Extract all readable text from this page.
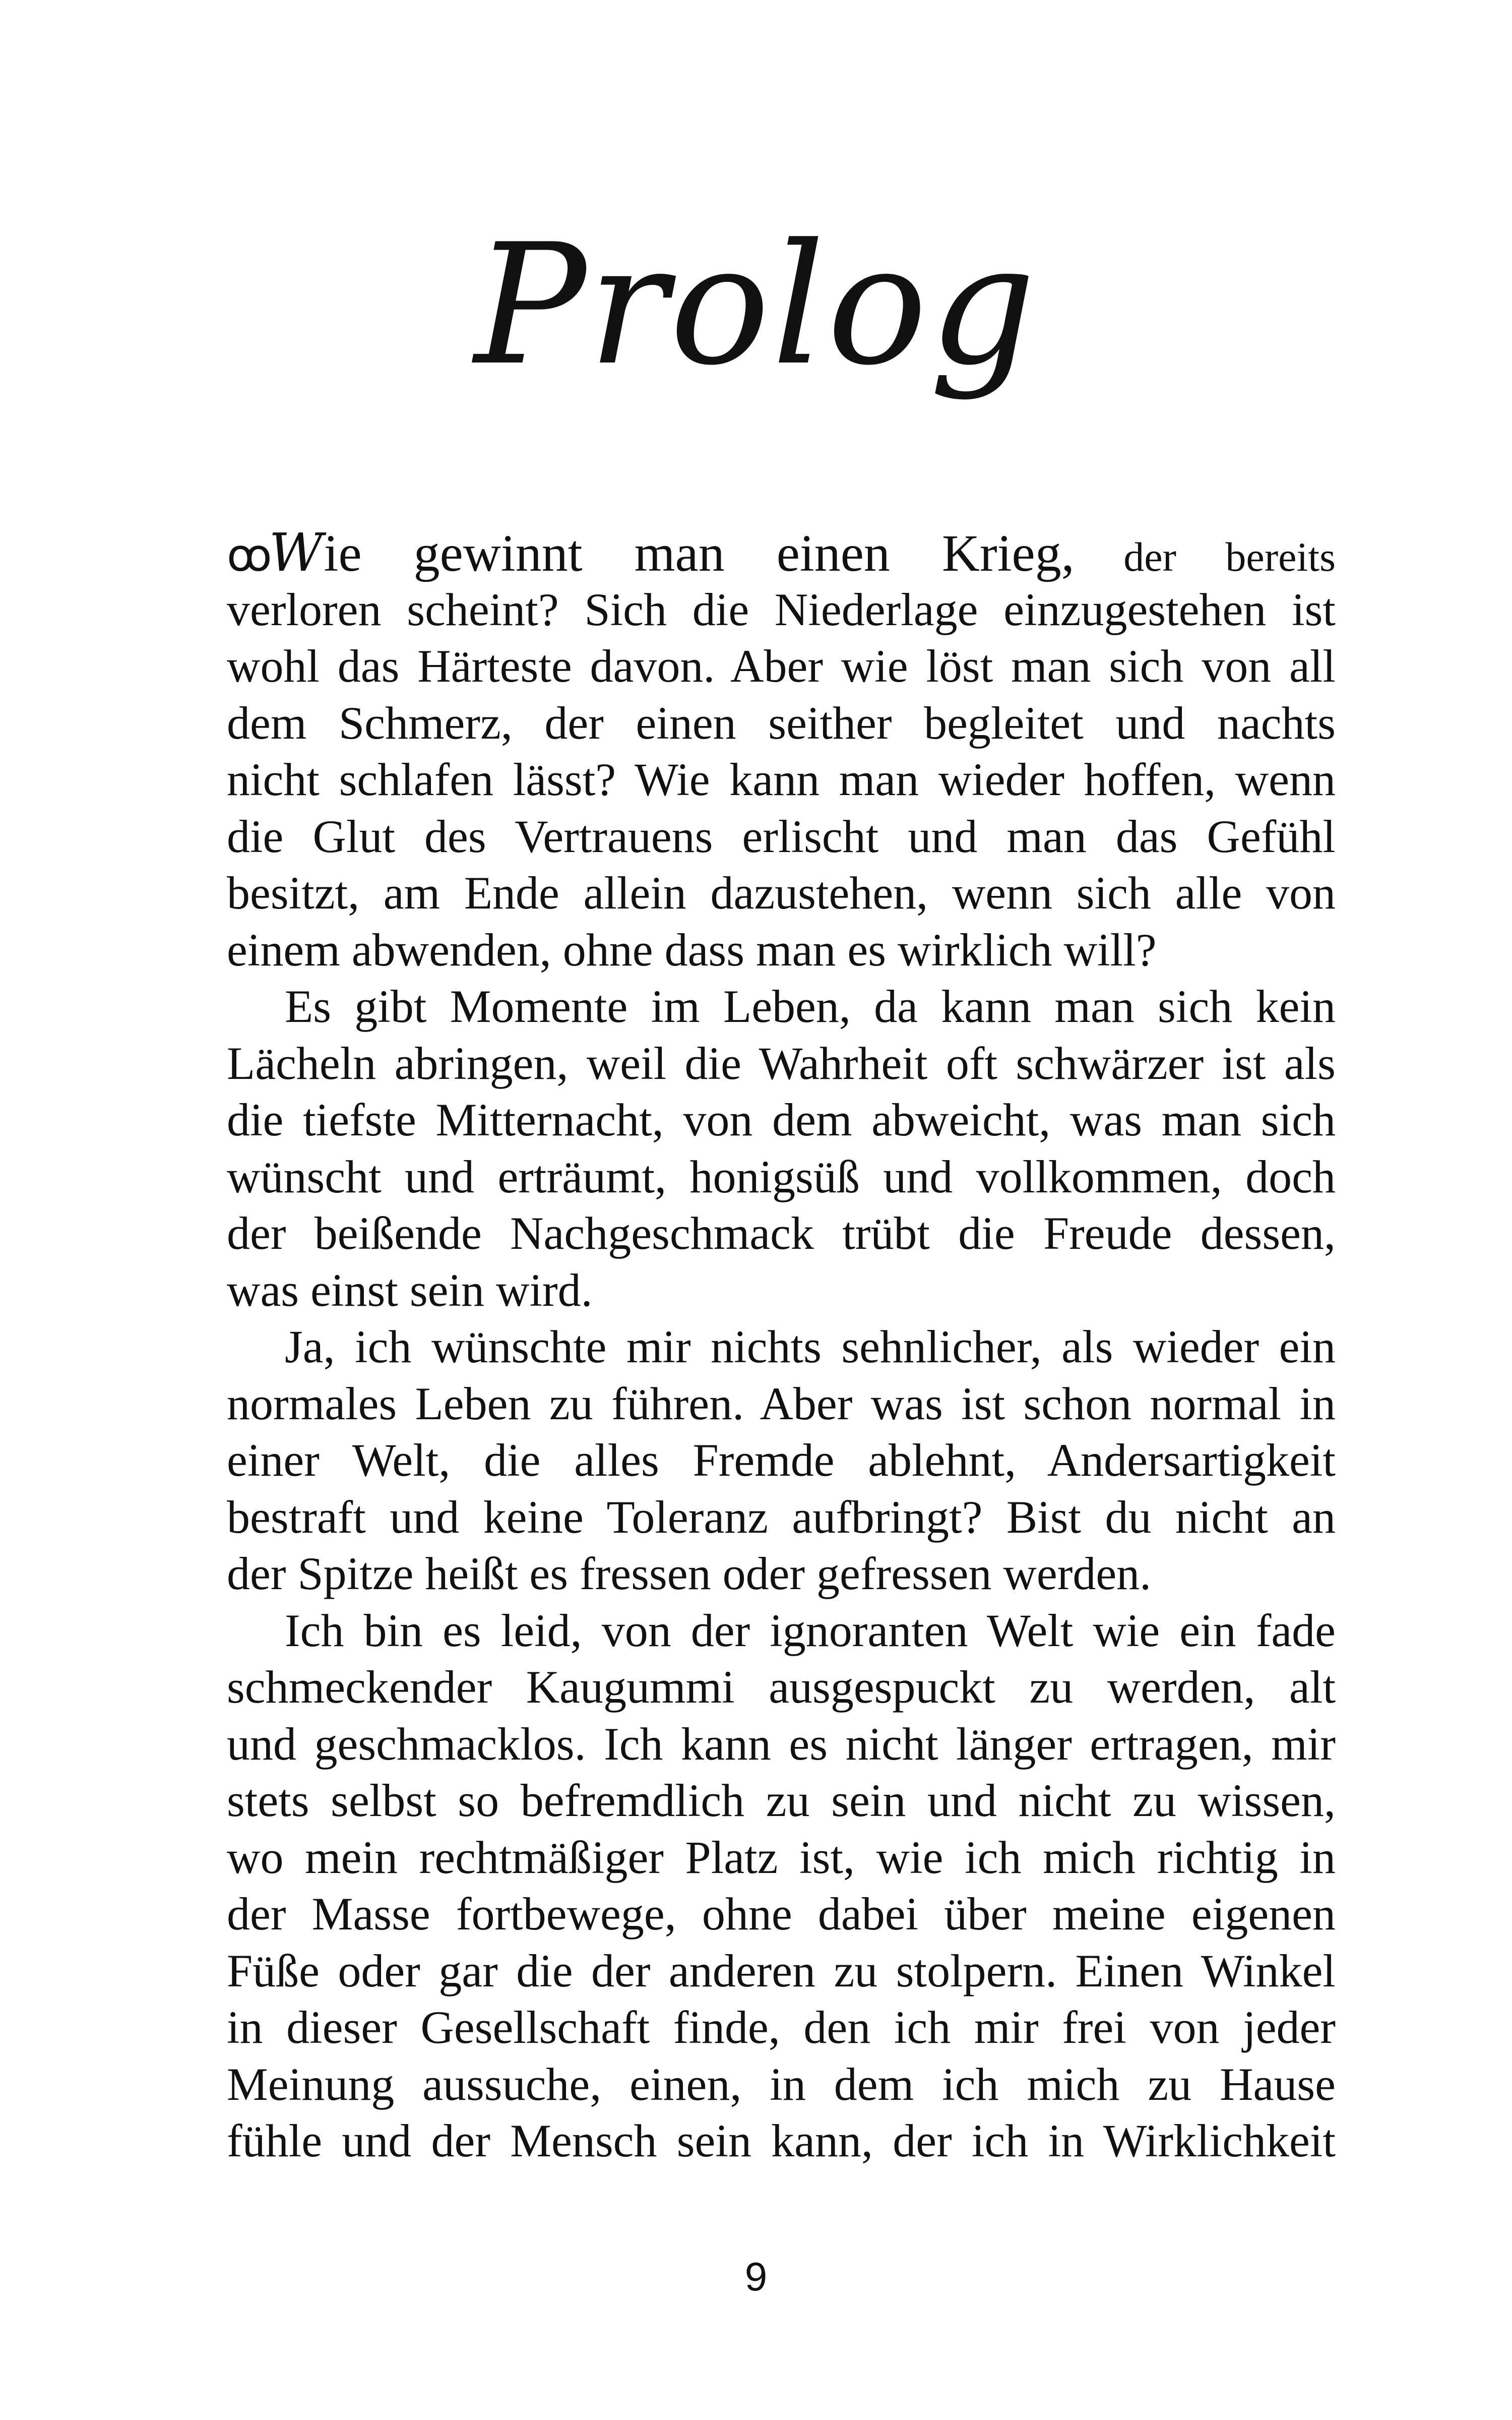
Prolog
ꝏWie gewinnt man einen Krieg, der bereits
verloren scheint? Sich die Niederlage einzugestehen ist
wohl das Härteste davon. Aber wie löst man sich von all
dem Schmerz, der einen seither begleitet und nachts
nicht schlafen lässt? Wie kann man wieder hoffen, wenn
die Glut des Vertrauens erlischt und man das Gefühl
besitzt, am Ende allein dazustehen, wenn sich alle von
einem abwenden, ohne dass man es wirklich will?
Es gibt Momente im Leben, da kann man sich kein
Lächeln abringen, weil die Wahrheit oft schwärzer ist als
die tiefste Mitternacht, von dem abweicht, was man sich
wünscht und erträumt, honigsüß und vollkommen, doch
der beißende Nachgeschmack trübt die Freude dessen,
was einst sein wird.
Ja, ich wünschte mir nichts sehnlicher, als wieder ein
normales Leben zu führen. Aber was ist schon normal in
einer Welt, die alles Fremde ablehnt, Andersartigkeit
bestraft und keine Toleranz aufbringt? Bist du nicht an
der Spitze heißt es fressen oder gefressen werden.
Ich bin es leid, von der ignoranten Welt wie ein fade
schmeckender Kaugummi ausgespuckt zu werden, alt
und geschmacklos. Ich kann es nicht länger ertragen, mir
stets selbst so befremdlich zu sein und nicht zu wissen,
wo mein rechtmäßiger Platz ist, wie ich mich richtig in
der Masse fortbewege, ohne dabei über meine eigenen
Füße oder gar die der anderen zu stolpern. Einen Winkel
in dieser Gesellschaft finde, den ich mir frei von jeder
Meinung aussuche, einen, in dem ich mich zu Hause
fühle und der Mensch sein kann, der ich in Wirklichkeit
9
